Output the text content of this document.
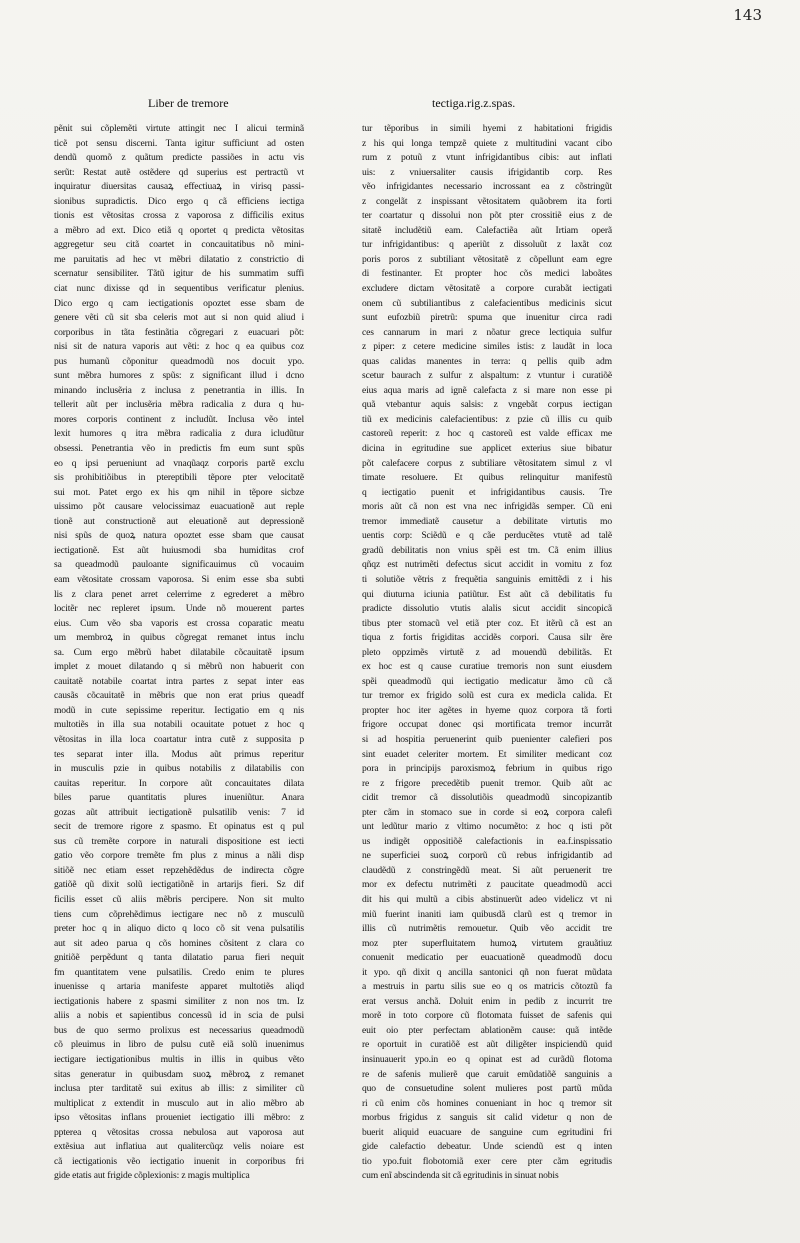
143
Liber de tremore	tectiga.rig.z.spas.
pẽnit sui cõplemẽti virtute attingit nec I alicui terminã
ticẽ pot sensu discerni. Tanta igitur sufficiunt ad osten
dendũ quomõ z quãtum predicte passiões in actu vis
serũt: Restat autẽ ostẽdere qd superius est pertractũ vt
inquiratur diuersitas causaꝝ effectiuaꝝ in virisq passi-
sionibus supradictis. Dico ergo q cã efficiens iectiga
tionis est vẽtositas crossa z vaporosa z difficilis exitus
a mẽbro ad ext. Dico etiã q oportet q predicta vẽtositas
aggregetur seu citã coartet in concauitatibus nõ mini-
me paruitatis ad hec vt mẽbri dilatatio z constrictio di
scernatur sensibiliter. Tãtũ igitur de his summatim suffi
ciat nunc dixisse qd in sequentibus verificatur plenius.
Dico ergo q cam iectigationis opoztet esse sbam de
genere vẽti cũ sit sba celeris mot aut si non quid aliud i
corporibus in tãta festinãtia cõgregari z euacuari põt:
nisi sit de natura vaporis aut vẽti: z hoc q ea quibus coz
pus humanũ cõponitur queadmodũ nos docuit ypo.
sunt mẽbra humores z spũs: z significant illud i dcno
minando inclusẽria z inclusa z penetrantia in illis. In
tellerit aũt per inclusẽria mẽbra radicalia z dura q hu-
mores corporis continent z includũt. Inclusa vẽo intel
lexit humores q itra mẽbra radicalia z dura icludũtur
obsessi. Penetrantia vẽo in predictis fm eum sunt spũs
eo q ipsi perueniunt ad vnaqũaqz corporis partẽ exclu
sis prohibitiõibus in ptereptibili tẽpore pter velocitatẽ
sui mot. Patet ergo ex his qm nihil in tẽpore sicbze
uissimo põt causare velocissimaz euacuationẽ aut reple
tionẽ aut constructionẽ aut eleuationẽ aut depressionẽ
nisi spũs de quoꝝ natura opoztet esse sbam que causat
iectigationẽ. Est aũt huiusmodi sba humiditas crof
sa queadmodũ pauloante significauimus cũ vocauim
eam vẽtositate crossam vaporosa. Si enim esse sba subti
lis z clara penet arret celerrime z egrederet a mẽbro
locitẽr nec repleret ipsum. Unde nõ mouerent partes
eius. Cum vẽo sba vaporis est crossa coparatic meatu
um membroꝝ in quibus cõgregat remanet intus inclu
sa. Cum ergo mẽbrũ habet dilatabile cõcauitatẽ ipsum
implet z mouet dilatando q si mẽbrũ non habuerit con
cauitatẽ notabile coartat intra partes z sepat inter eas
causãs cõcauitatẽ in mẽbris que non erat prius queadf
modũ in cute sepissime reperitur. Iectigatio em q nis
multotiẽs in illa sua notabili ocauitate potuet z hoc q
vẽtositas in illa loca coartatur intra cutẽ z supposita p
tes separat inter illa. Modus aũt primus reperitur
in musculis pzie in quibus notabilis z dilatabilis con
cauitas reperitur. In corpore aũt concauitates dilata
biles parue quantitatis plures inueniũtur. Anara
gozas aũt attribuit iectigationẽ pulsatilib venis: 7 id
secit de tremore rigore z spasmo. Et opinatus est q pul
sus cũ tremẽte corpore in naturali dispositione est iecti
gatio vẽo corpore tremẽte fm plus z minus a nãli disp
sitiõẽ nec etiam esset repzehẽdẽdus de indirecta cõgre
gatiõẽ qũ dixit solũ iectigatiõnẽ in artarijs fieri. Sz dif
ficilis esset cũ aliis mẽbris percipere. Non sit multo
tiens cum cõprehẽdimus iectigare nec nõ z musculũ
preter hoc q in aliquo dicto q loco cõ sit vena pulsatilis
aut sit adeo parua q cõs homines cõsitent z clara co
gnitiõẽ perpẽdunt q tanta dilatatio parua fieri nequit
fm quantitatem vene pulsatilis. Credo enim te plures
inuenisse q artaria manifeste apparet multotiẽs aliqd
iectigationis habere z spasmi similiter z non nos tm. Iz
aliis a nobis et sapientibus concessũ id in scia de pulsi
bus de quo sermo prolixus est necessarius queadmodũ
cõ pleuimus in libro de pulsu cutẽ eiã solũ inuenimus
iectigare iectigationibus multis in illis in quibus vẽto
sitas generatur in quibusdam suoꝝ mẽbroꝝ z remanet
inclusa pter tarditatẽ sui exitus ab illis: z similiter cũ
multiplicat z extendit in musculo aut in alio mẽbro ab
ipso vẽtositas inflans proueniet iectigatio illi mẽbro: z
ppterea q vẽtositas crossa nebulosa aut vaporosa aut
extẽsiua aut inflatiua aut qualitercũqz velis noiare est
cã iectigationis vẽo iectigatio inuenit in corporibus fri
gide etatis aut frigide cõplexionis: z magis multiplica
tur tẽporibus in simili hyemi z habitationi frigidis
z his qui longa tempzẽ quiete z multitudini vacant cibo
rum z potuũ z vtunt infrigidantibus cibis: aut inflati
uis: z vniuersaliter causis ifrigidantib corp. Res
vẽo infrigidantes necessario incrossant ea z cõstringũt
z congelãt z inspissant vẽtositatem quãobrem ita forti
ter coartatur q dissolui non põt pter crossitiẽ eius z de
sitatẽ includẽtiũ eam. Calefactiẽa aũt Irtiam operã
tur infrigidantibus: q aperiũt z dissoluũt z laxãt coz
poris poros z subtiliant vẽtositatẽ z cõpellunt eam egre
di festinanter. Et propter hoc cõs medici laboãtes
excludere dictam vẽtositatẽ a corpore curabãt iectigati
onem cũ subtiliantibus z calefacientibus medicinis sicut
sunt eufozbiũ piretrũ: spuma que inuenitur circa radi
ces cannarum in mari z nõatur grece lectiquia sulfur
z piper: z cetere medicine similes istis: z laudãt in loca
quas calidas manentes in terra: q pellis quib adm
scetur baurach z sulfur z alspaltum: z vtuntur i curatiõẽ
eius aqua maris ad ignẽ calefacta z si mare non esse pi
quã vtebantur aquis salsis: z vngebãt corpus iectigan
tiũ ex medicinis calefacientibus: z pzie cũ illis cu quib
castoreũ reperit: z hoc q castoreũ est valde efficax me
dicina in egritudine sue applicet exterius siue bibatur
põt calefacere corpus z subtiliare vẽtositatem simul z vl
timate resoluere. Et quibus relinquitur manifestũ
q iectigatio puenit et infrigidantibus causis. Tre
moris aũt cã non est vna nec infrigidãs semper. Cũ eni
tremor immediatẽ causetur a debilitate virtutis mo
uentis corp: Sciẽdũ e q cãe perducẽtes vtutẽ ad talẽ
gradũ debilitatis non vnius spẽi est tm. Cã enim illius
qñqz est nutrimẽti defectus sicut accidit in vomitu z foz
ti solutiõe vẽtris z frequẽtia sanguinis emittẽdi z i his
qui diuturna iciunia patiũtur. Est aũt cã debilitatis fu
pradicte dissolutio vtutis alalis sicut accidit sincopicã
tibus pter stomacũ vel etiã pter coz. Et itẽrũ cã est an
tiqua z fortis frigiditas accidẽs corpori. Causa silr ẽre
pleto oppzimẽs virtutẽ z ad mouendũ debilitãs. Et
ex hoc est q cause curatiue tremoris non sunt eiusdem
spẽi queadmodũ qui iectigatio medicatur ãmo cũ cã
tur tremor ex frigido solũ est cura ex medicla calida. Et
propter hoc iter agẽtes in hyeme quoz corpora tã forti
frigore occupat donec qsi mortificata tremor incurrãt
si ad hospitia peruenerint quib puenienter calefieri pos
sint euadet celeriter mortem. Et similiter medicant coz
pora in principijs paroxismoꝝ febrium in quibus rigo
re z frigore precedẽtib puenit tremor. Quib aũt ac
cidit tremor cã dissolutiõis queadmodũ sincopizantib
pter cãm in stomaco sue in corde si eoꝝ corpora calefi
unt ledũtur mario z vltimo nocumẽto: z hoc q isti põt
us indigẽt oppositiõẽ calefactionis in ea.f.inspissatio
ne superficiei suoꝝ corporũ cũ rebus infrigidantib ad
claudẽdũ z constringẽdũ meat. Si aũt peruenerit tre
mor ex defectu nutrimẽti z paucitate queadmodũ acci
dit his qui multũ a cibis abstinuerũt adeo videlicz vt ni
miũ fuerint inaniti iam quibusdã clarũ est q tremor in
illis cũ nutrimẽtis remouetur. Quib vẽo accidit tre
moz pter superfluitatem humoꝝ virtutem grauãtiuz
conuenit medicatio per euacuationẽ queadmodũ docu
it ypo. qñ dixit q ancilla santonici qñ non fuerat mũdata
a mestruis in partu silis sue eo q os matricis cõtoztũ fa
erat versus anchã. Doluit enim in pedib z incurrit tre
morẽ in toto corpore cũ flotomata fuisset de safenis qui
euit oio pter perfectam ablationẽm cause: quã intẽde
re oportuit in curatiõẽ est aũt diligẽter inspiciendũ quid
insinuauerit ypo.in eo q opinat est ad curãdũ flotoma
re de safenis mulierẽ que caruit emũdatiõẽ sanguinis a
quo de consuetudine solent mulieres post partũ mũda
ri cũ enim cõs homines conueniant in hoc q tremor sit
morbus frigidus z sanguis sit calid videtur q non de
buerit aliquid euacuare de sanguine cum egritudini fri
gide calefactio debeatur. Unde sciendũ est q inten
tio ypo.fuit flobotomiã exer cere pter cãm egritudis
cum enĩ abscindenda sit cã egritudinis in sinuat nobis
